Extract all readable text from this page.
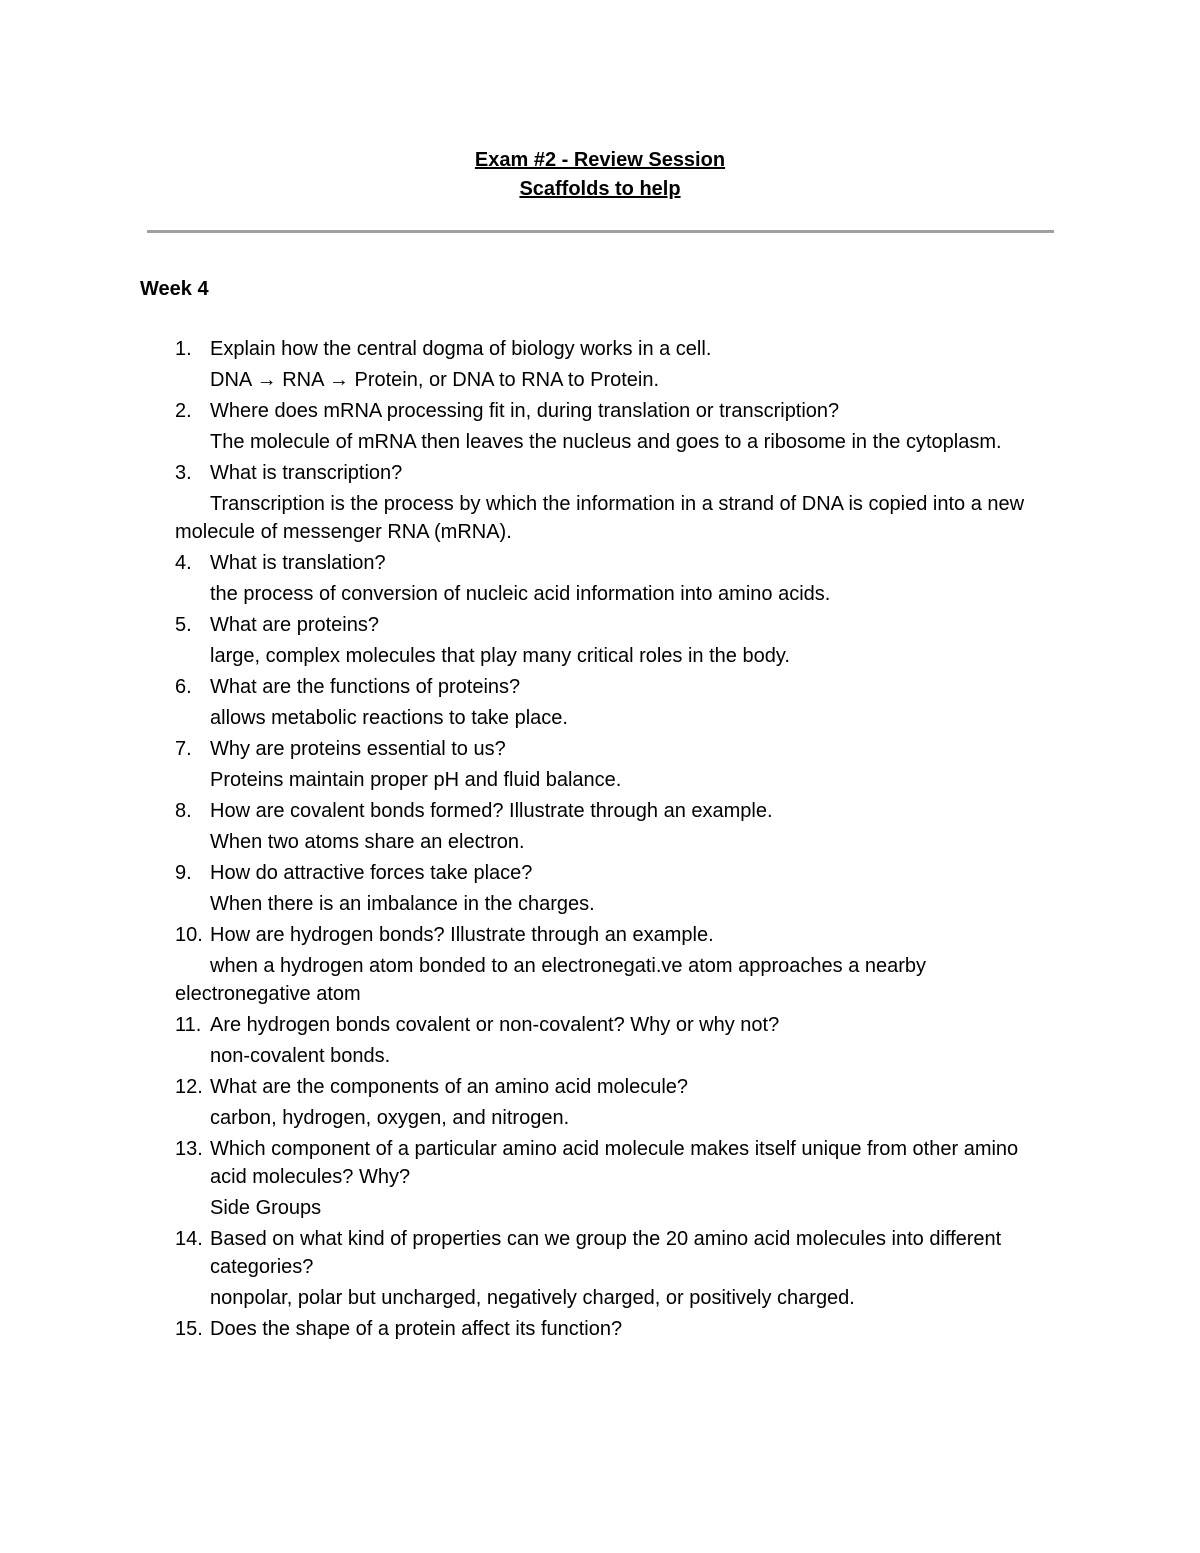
Exam #2 - Review Session
Scaffolds to help
Week 4
1. Explain how the central dogma of biology works in a cell.
DNA → RNA → Protein, or DNA to RNA to Protein.
2. Where does mRNA processing fit in, during translation or transcription?
The molecule of mRNA then leaves the nucleus and goes to a ribosome in the cytoplasm.
3. What is transcription?
Transcription is the process by which the information in a strand of DNA is copied into a new molecule of messenger RNA (mRNA).
4. What is translation?
the process of conversion of nucleic acid information into amino acids.
5. What are proteins?
large, complex molecules that play many critical roles in the body.
6. What are the functions of proteins?
allows metabolic reactions to take place.
7. Why are proteins essential to us?
Proteins maintain proper pH and fluid balance.
8. How are covalent bonds formed? Illustrate through an example.
When two atoms share an electron.
9. How do attractive forces take place?
When there is an imbalance in the charges.
10. How are hydrogen bonds? Illustrate through an example.
when a hydrogen atom bonded to an electronegati.ve atom approaches a nearby electronegative atom
11. Are hydrogen bonds covalent or non-covalent? Why or why not?
non-covalent bonds.
12. What are the components of an amino acid molecule?
carbon, hydrogen, oxygen, and nitrogen.
13. Which component of a particular amino acid molecule makes itself unique from other amino acid molecules? Why?
Side Groups
14. Based on what kind of properties can we group the 20 amino acid molecules into different categories?
nonpolar, polar but uncharged, negatively charged, or positively charged.
15. Does the shape of a protein affect its function?
